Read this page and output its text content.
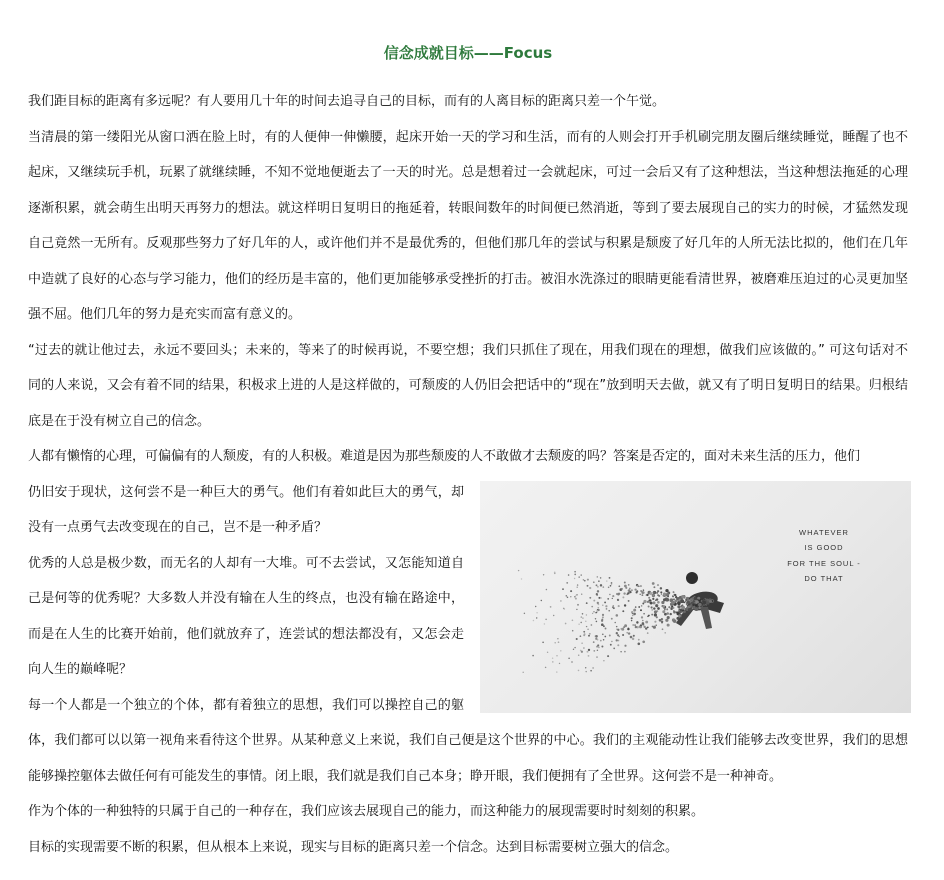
信念成就目标——Focus

我们距目标的距离有多远呢？有人要用几十年的时间去追寻自己的目标，而有的人离目标的距离只差一个午觉。

当清晨的第一缕阳光从窗口洒在脸上时，有的人便伸一伸懒腰，起床开始一天的学习和生活，而有的人则会打开手机刷完朋友圈后继续睡觉，睡醒了也不起床，又继续玩手机，玩累了就继续睡，不知不觉地便逝去了一天的时光。总是想着过一会就起床，可过一会后又有了这种想法，当这种想法拖延的心理逐渐积累，就会萌生出明天再努力的想法。就这样明日复明日的拖延着，转眼间数年的时间便已然消逝，等到了要去展现自己的实力的时候，才猛然发现自己竟然一无所有。反观那些努力了好几年的人，或许他们并不是最优秀的，但他们那几年的尝试与积累是颓废了好几年的人所无法比拟的，他们在几年中造就了良好的心态与学习能力，他们的经历是丰富的，他们更加能够承受挫折的打击。被泪水洗涤过的眼睛更能看清世界，被磨难压迫过的心灵更加坚强不屈。他们几年的努力是充实而富有意义的。

“过去的就让他过去，永远不要回头；未来的，等来了的时候再说，不要空想；我们只抓住了现在，用我们现在的理想，做我们应该做的。” 可这句话对不同的人来说，又会有着不同的结果，积极求上进的人是这样做的，可颓废的人仍旧会把话中的“现在”放到明天去做，就又有了明日复明日的结果。归根结底是在于没有树立自己的信念。

人都有懒惰的心理，可偏偏有的人颓废，有的人积极。难道是因为那些颓废的人不敢做才去颓废的吗？答案是否定的，面对未来生活的压力，他们

WHATEVER
IS GOOD
FOR THE SOUL -
DO THAT

仍旧安于现状，这何尝不是一种巨大的勇气。他们有着如此巨大的勇气，却没有一点勇气去改变现在的自己，岂不是一种矛盾？

优秀的人总是极少数，而无名的人却有一大堆。可不去尝试，又怎能知道自己是何等的优秀呢？大多数人并没有输在人生的终点，也没有输在路途中，而是在人生的比赛开始前，他们就放弃了，连尝试的想法都没有，又怎会走向人生的巅峰呢？

每一个人都是一个独立的个体，都有着独立的思想，我们可以操控自己的躯体，我们都可以以第一视角来看待这个世界。从某种意义上来说，我们自己便是这个世界的中心。我们的主观能动性让我们能够去改变世界，我们的思想能够操控躯体去做任何有可能发生的事情。闭上眼，我们就是我们自己本身；睁开眼，我们便拥有了全世界。这何尝不是一种神奇。

作为个体的一种独特的只属于自己的一种存在，我们应该去展现自己的能力，而这种能力的展现需要时时刻刻的积累。

目标的实现需要不断的积累，但从根本上来说，现实与目标的距离只差一个信念。达到目标需要树立强大的信念。
